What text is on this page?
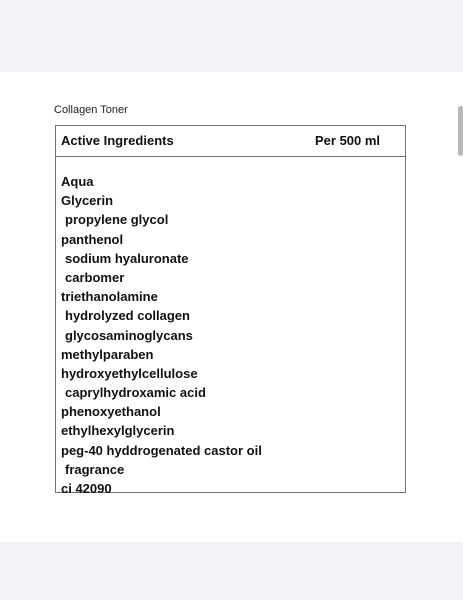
Collagen Toner
Active Ingredients	Per 500 ml
Aqua
Glycerin
propylene glycol
panthenol
sodium hyaluronate
carbomer
triethanolamine
hydrolyzed collagen
glycosaminoglycans
methylparaben
hydroxyethylcellulose
caprylhydroxamic acid
phenoxyethanol
ethylhexylglycerin
peg-40 hyddrogenated castor oil
fragrance
ci 42090
